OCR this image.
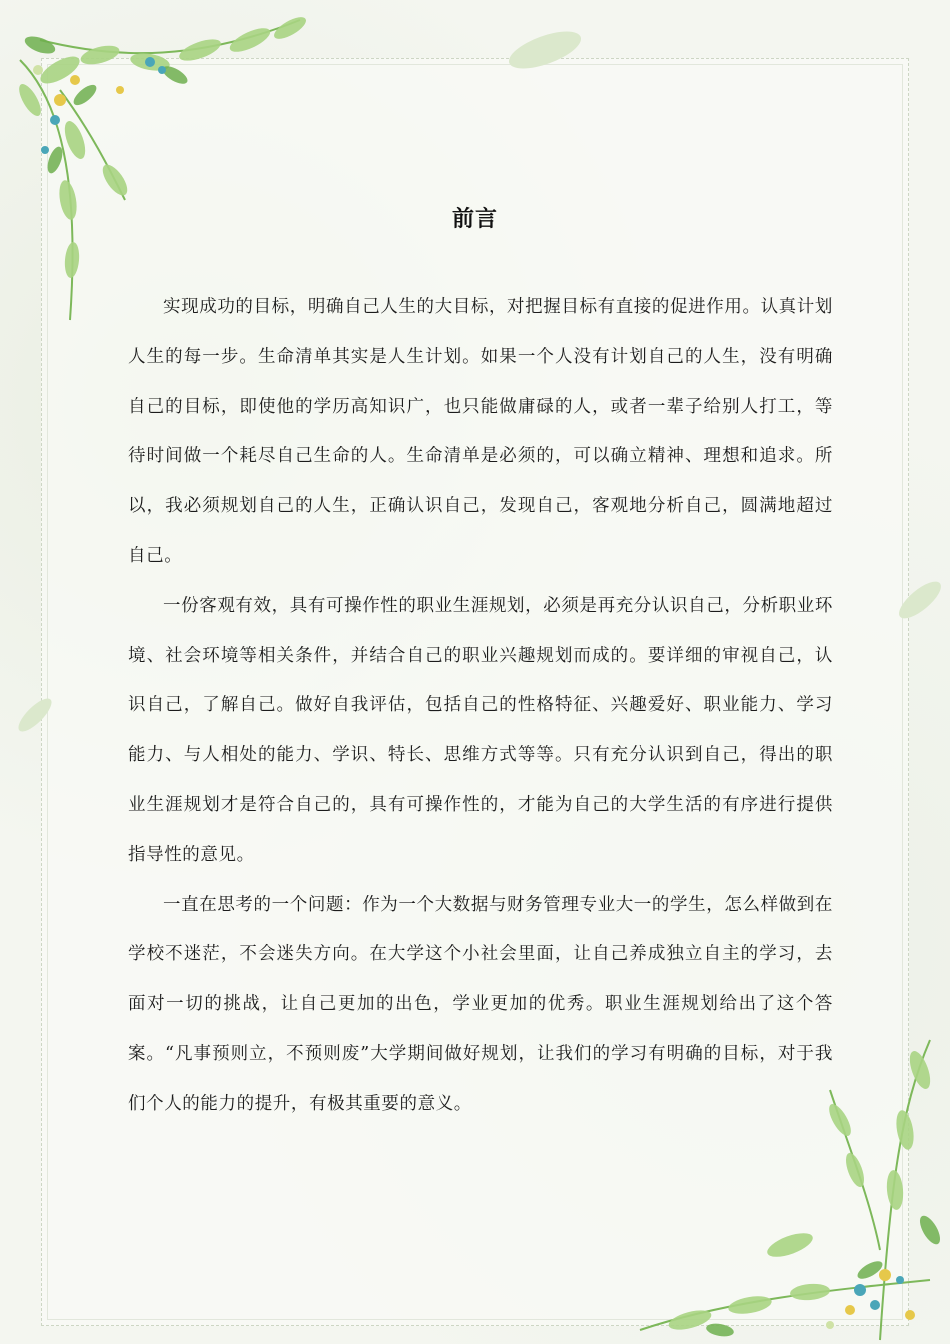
前言

实现成功的目标，明确自己人生的大目标，对把握目标有直接的促进作用。认真计划人生的每一步。生命清单其实是人生计划。如果一个人没有计划自己的人生，没有明确自己的目标，即使他的学历高知识广，也只能做庸碌的人，或者一辈子给别人打工，等待时间做一个耗尽自己生命的人。生命清单是必须的，可以确立精神、理想和追求。所以，我必须规划自己的人生，正确认识自己，发现自己，客观地分析自己，圆满地超过自己。

一份客观有效，具有可操作性的职业生涯规划，必须是再充分认识自己，分析职业环境、社会环境等相关条件，并结合自己的职业兴趣规划而成的。要详细的审视自己，认识自己，了解自己。做好自我评估，包括自己的性格特征、兴趣爱好、职业能力、学习能力、与人相处的能力、学识、特长、思维方式等等。只有充分认识到自己，得出的职业生涯规划才是符合自己的，具有可操作性的，才能为自己的大学生活的有序进行提供指导性的意见。

一直在思考的一个问题：作为一个大数据与财务管理专业大一的学生，怎么样做到在学校不迷茫，不会迷失方向。在大学这个小社会里面，让自己养成独立自主的学习，去面对一切的挑战，让自己更加的出色，学业更加的优秀。职业生涯规划给出了这个答案。“凡事预则立，不预则废”大学期间做好规划，让我们的学习有明确的目标，对于我们个人的能力的提升，有极其重要的意义。
